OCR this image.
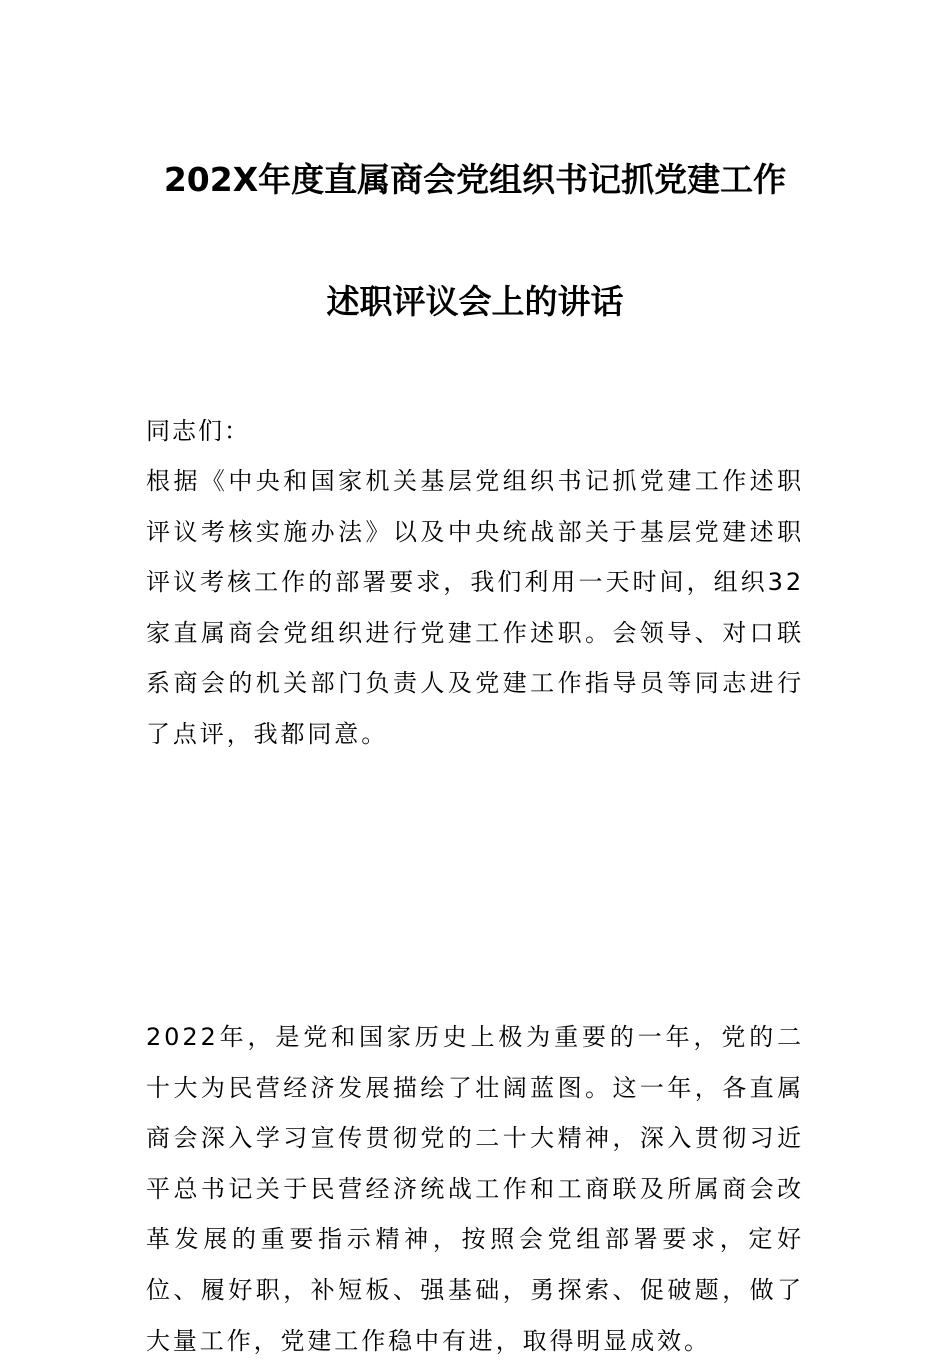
202X年度直属商会党组织书记抓党建工作
述职评议会上的讲话
同志们：
根据《中央和国家机关基层党组织书记抓党建工作述职评议考核实施办法》以及中央统战部关于基层党建述职评议考核工作的部署要求，我们利用一天时间，组织32家直属商会党组织进行党建工作述职。会领导、对口联系商会的机关部门负责人及党建工作指导员等同志进行了点评，我都同意。
2022年，是党和国家历史上极为重要的一年，党的二十大为民营经济发展描绘了壮阔蓝图。这一年，各直属商会深入学习宣传贯彻党的二十大精神，深入贯彻习近平总书记关于民营经济统战工作和工商联及所属商会改革发展的重要指示精神，按照会党组部署要求，定好位、履好职，补短板、强基础，勇探索、促破题，做了大量工作，党建工作稳中有进，取得明显成效。
